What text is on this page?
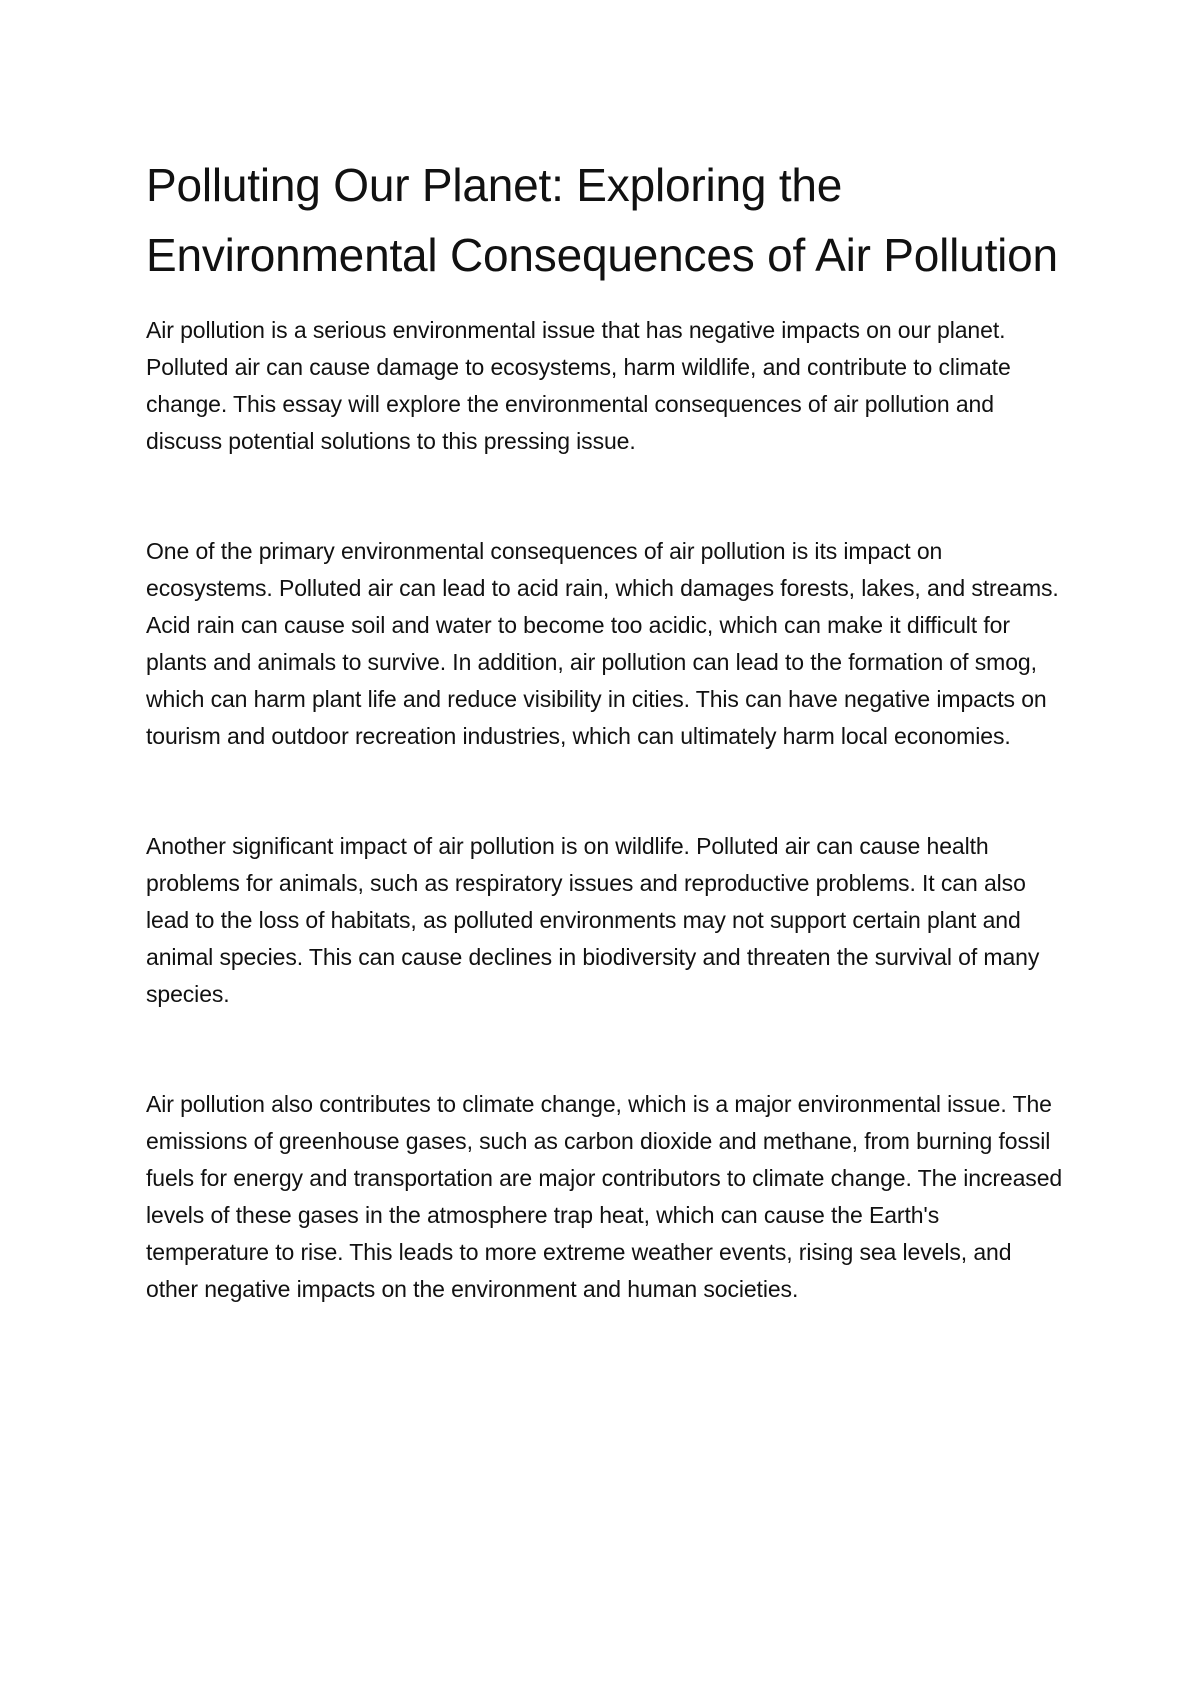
Polluting Our Planet: Exploring the Environmental Consequences of Air Pollution

Air pollution is a serious environmental issue that has negative impacts on our planet. Polluted air can cause damage to ecosystems, harm wildlife, and contribute to climate change. This essay will explore the environmental consequences of air pollution and discuss potential solutions to this pressing issue.

One of the primary environmental consequences of air pollution is its impact on ecosystems. Polluted air can lead to acid rain, which damages forests, lakes, and streams. Acid rain can cause soil and water to become too acidic, which can make it difficult for plants and animals to survive. In addition, air pollution can lead to the formation of smog, which can harm plant life and reduce visibility in cities. This can have negative impacts on tourism and outdoor recreation industries, which can ultimately harm local economies.

Another significant impact of air pollution is on wildlife. Polluted air can cause health problems for animals, such as respiratory issues and reproductive problems. It can also lead to the loss of habitats, as polluted environments may not support certain plant and animal species. This can cause declines in biodiversity and threaten the survival of many species.

Air pollution also contributes to climate change, which is a major environmental issue. The emissions of greenhouse gases, such as carbon dioxide and methane, from burning fossil fuels for energy and transportation are major contributors to climate change. The increased levels of these gases in the atmosphere trap heat, which can cause the Earth's temperature to rise. This leads to more extreme weather events, rising sea levels, and other negative impacts on the environment and human societies.
